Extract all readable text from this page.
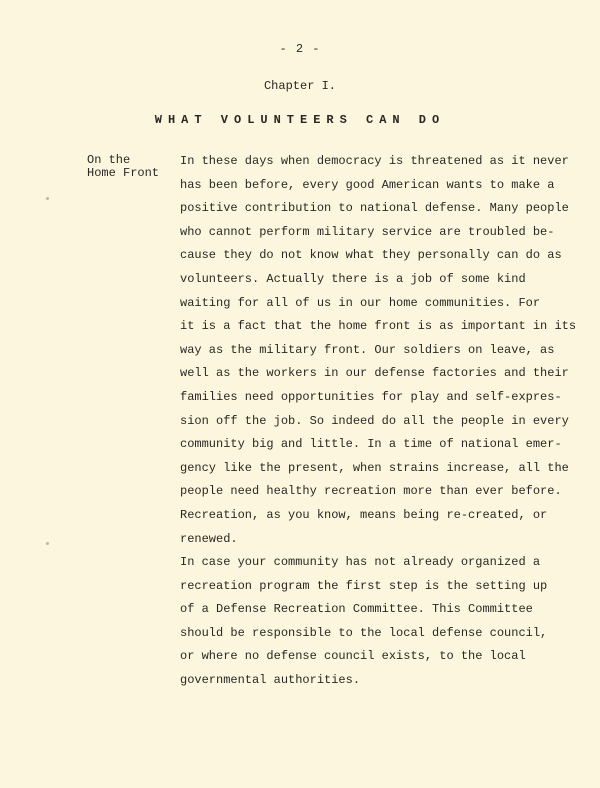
- 2 -
Chapter I.
WHAT VOLUNTEERS CAN DO
On the
Home Front
In these days when democracy is threatened as it never
has been before, every good American wants to make a
positive contribution to national defense. Many people
who cannot perform military service are troubled be-
cause they do not know what they personally can do as
volunteers. Actually there is a job of some kind
waiting for all of us in our home communities. For
it is a fact that the home front is as important in its
way as the military front. Our soldiers on leave, as
well as the workers in our defense factories and their
families need opportunities for play and self-expres-
sion off the job. So indeed do all the people in every
community big and little. In a time of national emer-
gency like the present, when strains increase, all the
people need healthy recreation more than ever before.
Recreation, as you know, means being re-created, or
renewed.
In case your community has not already organized a
recreation program the first step is the setting up
of a Defense Recreation Committee. This Committee
should be responsible to the local defense council,
or where no defense council exists, to the local
governmental authorities.
